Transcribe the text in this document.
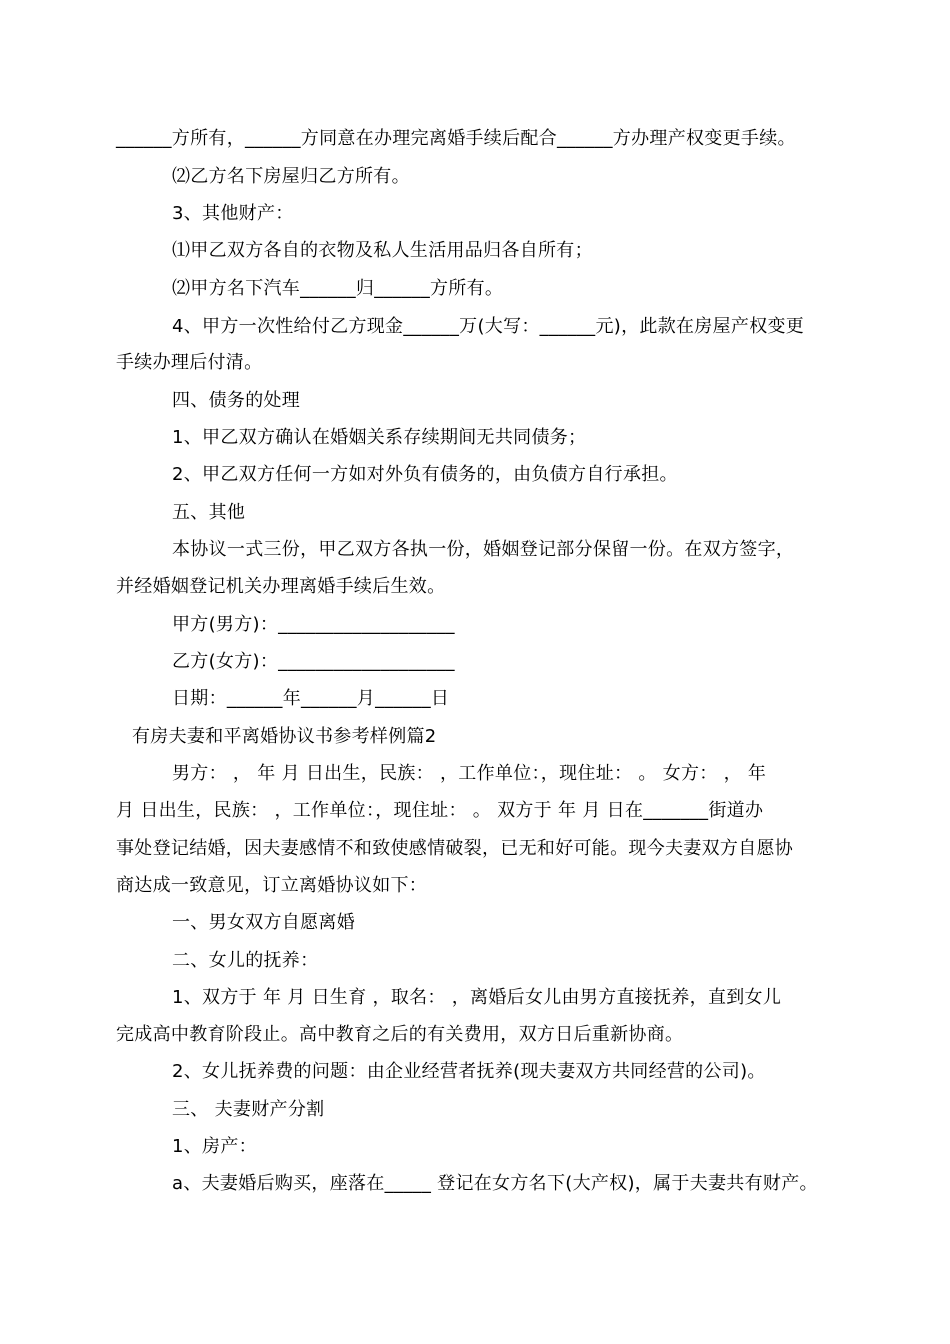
______方所有，______方同意在办理完离婚手续后配合______方办理产权变更手续。
⑵乙方名下房屋归乙方所有。
3、其他财产：
⑴甲乙双方各自的衣物及私人生活用品归各自所有；
⑵甲方名下汽车______归______方所有。
4、甲方一次性给付乙方现金______万(大写：______元)，此款在房屋产权变更
手续办理后付清。
四、债务的处理
1、甲乙双方确认在婚姻关系存续期间无共同债务；
2、甲乙双方任何一方如对外负有债务的，由负债方自行承担。
五、其他
本协议一式三份，甲乙双方各执一份，婚姻登记部分保留一份。在双方签字，
并经婚姻登记机关办理离婚手续后生效。
甲方(男方)：___________________
乙方(女方)：___________________
日期：______年______月______日
有房夫妻和平离婚协议书参考样例篇2
男方： ， 年 月 日出生，民族： ，工作单位：，现住址： 。 女方： ， 年
月 日出生，民族： ，工作单位：，现住址： 。 双方于 年 月 日在_______街道办
事处登记结婚，因夫妻感情不和致使感情破裂，已无和好可能。现今夫妻双方自愿协
商达成一致意见，订立离婚协议如下：
一、男女双方自愿离婚
二、女儿的抚养：
1、双方于 年 月 日生育 ，取名： ，离婚后女儿由男方直接抚养，直到女儿
完成高中教育阶段止。高中教育之后的有关费用，双方日后重新协商。
2、女儿抚养费的问题：由企业经营者抚养(现夫妻双方共同经营的公司)。
三、 夫妻财产分割
1、房产：
a、夫妻婚后购买，座落在_____ 登记在女方名下(大产权)，属于夫妻共有财产。
